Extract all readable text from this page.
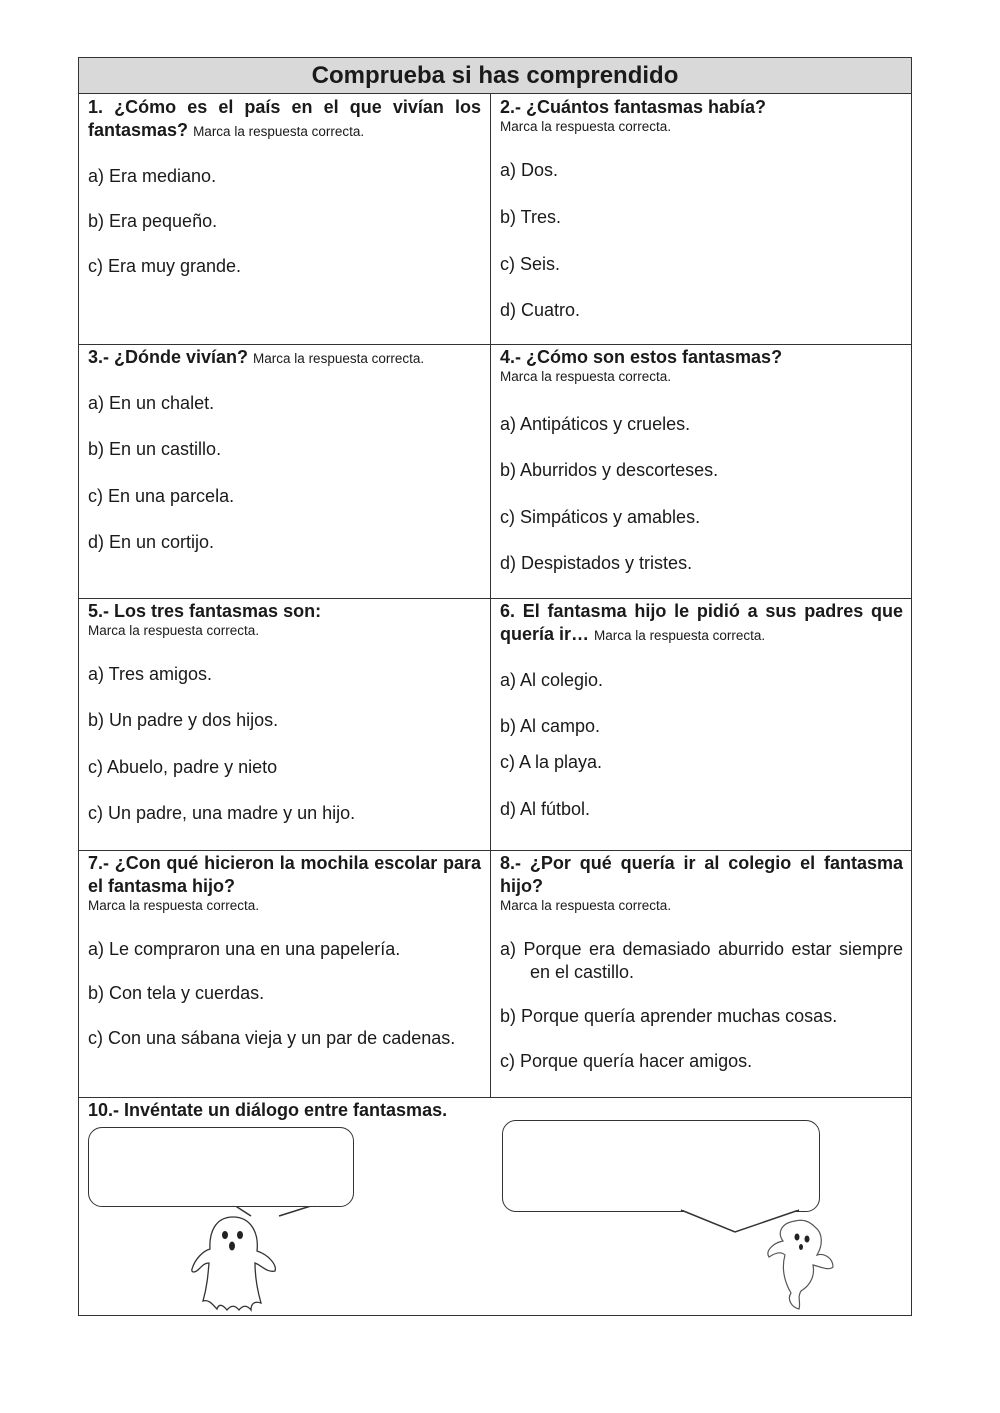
Comprueba si has comprendido

1. ¿Cómo es el país en el que vivían los fantasmas? Marca la respuesta correcta.

a) Era mediano.
b) Era pequeño.
c) Era muy grande.

2.- ¿Cuántos fantasmas había?

Marca la respuesta correcta.
a) Dos.
b) Tres.
c) Seis.
d) Cuatro.

3.- ¿Dónde vivían? Marca la respuesta correcta.

a) En un chalet.
b) En un castillo.
c) En una parcela.
d) En un cortijo.

4.- ¿Cómo son estos fantasmas?

Marca la respuesta correcta.
a) Antipáticos y crueles.
b) Aburridos y descorteses.
c) Simpáticos y amables.
d) Despistados y tristes.

5.- Los tres fantasmas son:

Marca la respuesta correcta.
a) Tres amigos.
b) Un padre y dos hijos.
c) Abuelo, padre y nieto
c) Un padre, una madre y un hijo.

6. El fantasma hijo le pidió a sus padres que quería ir… Marca la respuesta correcta.

a) Al colegio.
b) Al campo.
c) A la playa.
d) Al fútbol.

7.- ¿Con qué hicieron la mochila escolar para el fantasma hijo?

Marca la respuesta correcta.
a) Le compraron una en una papelería.
b) Con tela y cuerdas.
c) Con una sábana vieja y un par de cadenas.

8.- ¿Por qué quería ir al colegio el fantasma hijo?

Marca la respuesta correcta.
a) Porque era demasiado aburrido estar siempre en el castillo.
b) Porque quería aprender muchas cosas.
c) Porque quería hacer amigos.

10.- Invéntate un diálogo entre fantasmas.
